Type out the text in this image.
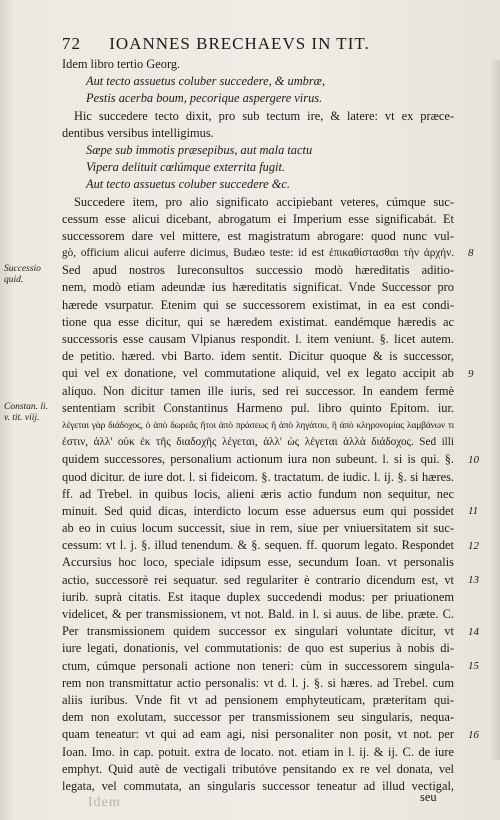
72 IOANNES BRECHAEVS IN TIT.
Idem libro tertio Georg.
Aut tecto assuetus coluber succedere, & umbræ,
Pestis acerba boum, pecorique aspergere virus.
Hic succedere tecto dixit, pro sub tectum ire, & latere: vt ex præce-
dentibus versibus intelligimus.
Sæpe sub immotis præsepibus, aut mala tactu
Vipera delituit cœlúmque exterrita fugit.
Aut tecto assuetus coluber succedere &c.
Succedere item, pro alio significato accipiebant veteres, cúmque suc-
cessum esse alicui dicebant, abrogatum ei Imperium esse significabát. Et
successorem dare vel mittere, est magistratum abrogare: quod nunc vul-
gò, officium alicui auferre dicimus, Budæo teste: id est ἐπικαθίστασθαι τὴν ἀρχήν.
Sed apud nostros Iureconsultos successio modò hæreditatis aditio-
nem, modò etiam adeundæ ius hæreditatis significat. Vnde Successor pro
hærede vsurpatur. Etenim qui se successorem existimat, in ea est condi-
tione qua esse dicitur, qui se hæredem existimat. eandémque hæredis ac
successoris esse causam Vlpianus respondit. l. item veniunt. §. licet autem.
de petitio. hæred. vbi Barto. idem sentit. Dicitur quoque & is successor,
qui vel ex donatione, vel commutatione aliquid, vel ex legato accipit ab
aliquo. Non dicitur tamen ille iuris, sed rei successor. In eandem fermè
sententiam scribit Constantinus Harmeno pul. libro quinto Epitom. iur.
λέγεται γὰρ διάδοχος, ὁ ἀπὸ δωρεᾶς ἤτοι ἀπὸ πράσεως ἢ ἀπὸ ληγάτου, ἢ ἀπὸ κληρονομίας λαμβάνων τι
ἐστιν, ἀλλ' οὐκ ἐκ τῆς διαδοχῆς λέγεται, ἀλλ' ὡς λέγεται ἀλλὰ διάδοχος. Sed illi
quidem successores, personalium actionum iura non subeunt. l. si is qui. §.
quod dicitur. de iure dot. l. si fideicom. §. tractatum. de iudic. l. ij. §. si hæres.
ff. ad Trebel. in quibus locis, alieni æris actio fundum non sequitur, nec
minuit. Sed quid dicas, interdicto locum esse aduersus eum qui possidet
ab eo in cuius locum successit, siue in rem, siue per vniuersitatem sit suc-
cessum: vt l. j. §. illud tenendum. & §. sequen. ff. quorum legato. Respondet
Accursius hoc loco, speciale idipsum esse, secundum Ioan. vt personalis
actio, successorè rei sequatur. sed regulariter è contrario dicendum est, vt
iurib. suprà citatis. Est itaque duplex succedendi modus: per priuationem
videlicet, & per transmissionem, vt not. Bald. in l. si auus. de libe. præte. C.
Per transmissionem quidem successor ex singulari voluntate dicitur, vt
iure legati, donationis, vel commutationis: de quo est superius à nobis di-
ctum, cúmque personali actione non teneri: cùm in successorem singula-
rem non transmittatur actio personalis: vt d. l. j. §. si hæres. ad Trebel. cum
aliis iuribus. Vnde fit vt ad pensionem emphyteuticam, præteritam qui-
dem non exolutam, successor per transmissionem seu singularis, nequa-
quam teneatur: vt qui ad eam agi, nisi personaliter non posit, vt not. per
Ioan. Imo. in cap. potuit. extra de locato. not. etiam in l. ij. & ij. C. de iure
emphyt. Quid autè de vectigali tributóve pensitando ex re vel donata, vel
legata, vel commutata, an singularis successor teneatur ad illud vectigal,
Successio quid.
Constan. li. v. tit. viij.
8
9
10
11
12
13
14
15
16
seu
Idem
